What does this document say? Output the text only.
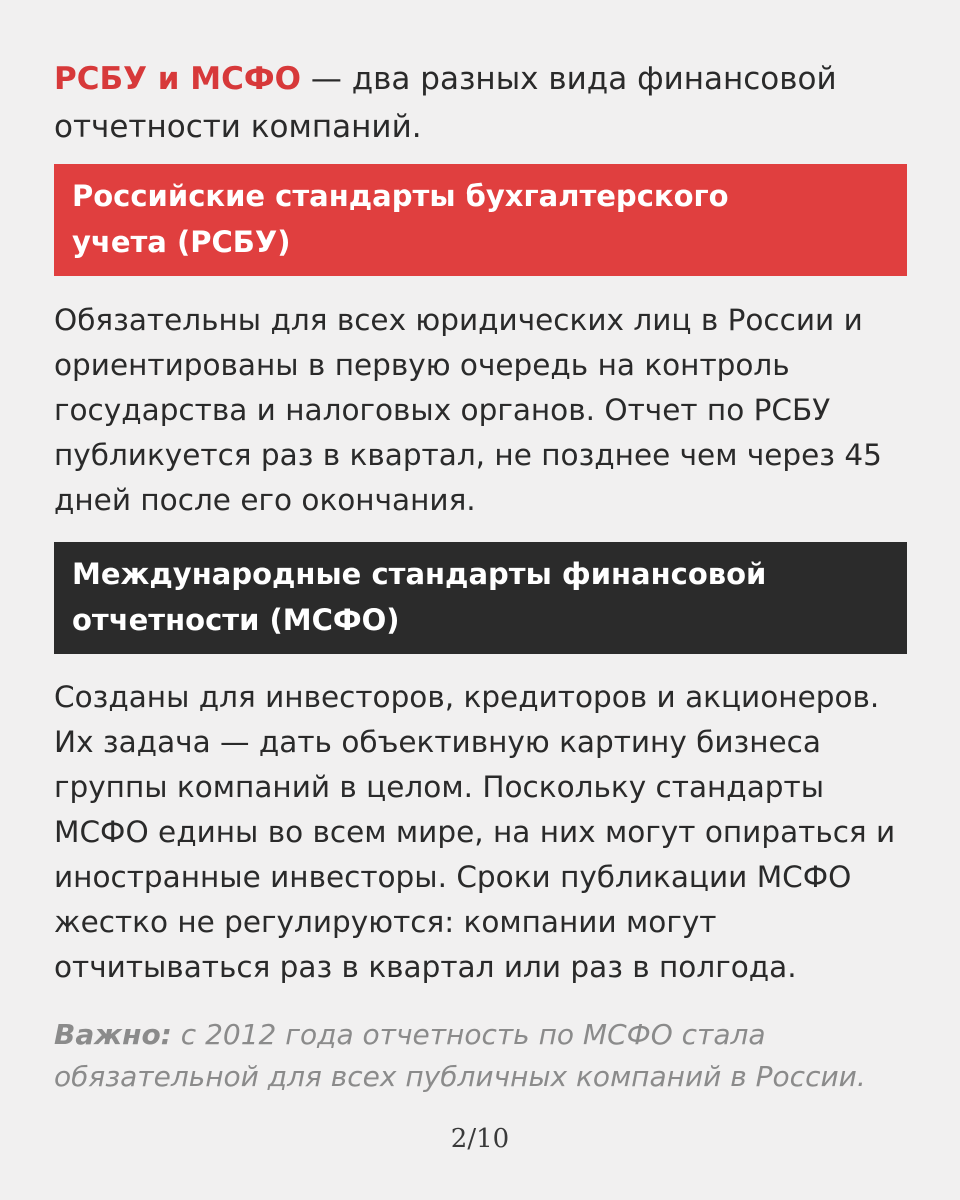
РСБУ и МСФО — два разных вида финансовой отчетности компаний.

Российские стандарты бухгалтерского
учета (РСБУ)

Обязательны для всех юридических лиц в России и ориентированы в первую очередь на контроль государства и налоговых органов. Отчет по РСБУ публикуется раз в квартал, не позднее чем через 45 дней после его окончания.

Международные стандарты финансовой
отчетности (МСФО)

Созданы для инвесторов, кредиторов и акционеров. Их задача — дать объективную картину бизнеса группы компаний в целом. Поскольку стандарты МСФО едины во всем мире, на них могут опираться и иностранные инвесторы. Сроки публикации МСФО жестко не регулируются: компании могут отчитываться раз в квартал или раз в полгода.

Важно: с 2012 года отчетность по МСФО стала обязательной для всех публичных компаний в России.

2/10
